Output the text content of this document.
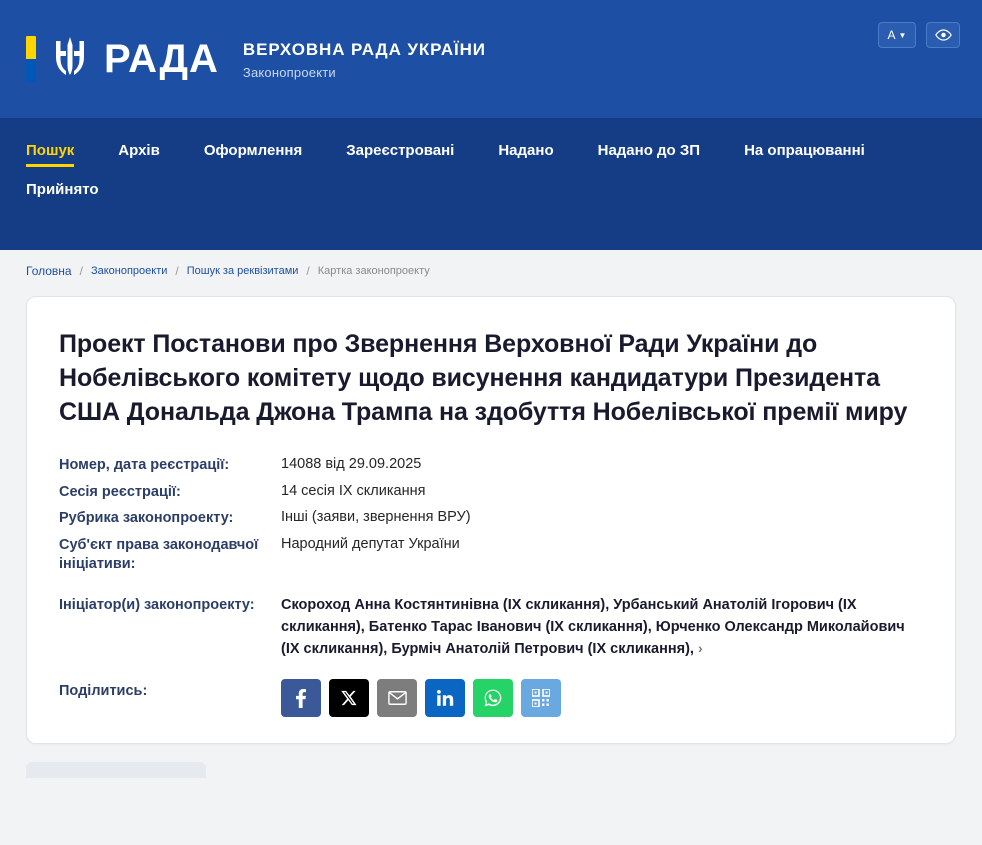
РАДА ВЕРХОВНА РАДА УКРАЇНИ
Законопроекти
A ▼
Пошук	Архів	Оформлення	Зареєстровані	Надано	Надано до ЗП	На опрацюванні
Прийнято
Головна / Законопроекти / Пошук за реквізитами / Картка законопроекту
Проект Постанови про Звернення Верховної Ради України до Нобелівського комітету щодо висунення кандидатури Президента США Дональда Джона Трампа на здобуття Нобелівської премії миру
Номер, дата реєстрації:	14088 від 29.09.2025
Сесія реєстрації:	14 сесія IX скликання
Рубрика законопроекту:	Інші (заяви, звернення ВРУ)
Суб'єкт права законодавчої ініціативи:
Народний депутат України
Ініціатор(и) законопроекту:	Скороход Анна Костянтинівна (IX скликання), Урбанський Анатолій Ігорович (IX скликання), Батенко Тарас Іванович (IX скликання), Юрченко Олександр Миколайович (IX скликання), Бурміч Анатолій Петрович (IX скликання), ›
Поділитись:
